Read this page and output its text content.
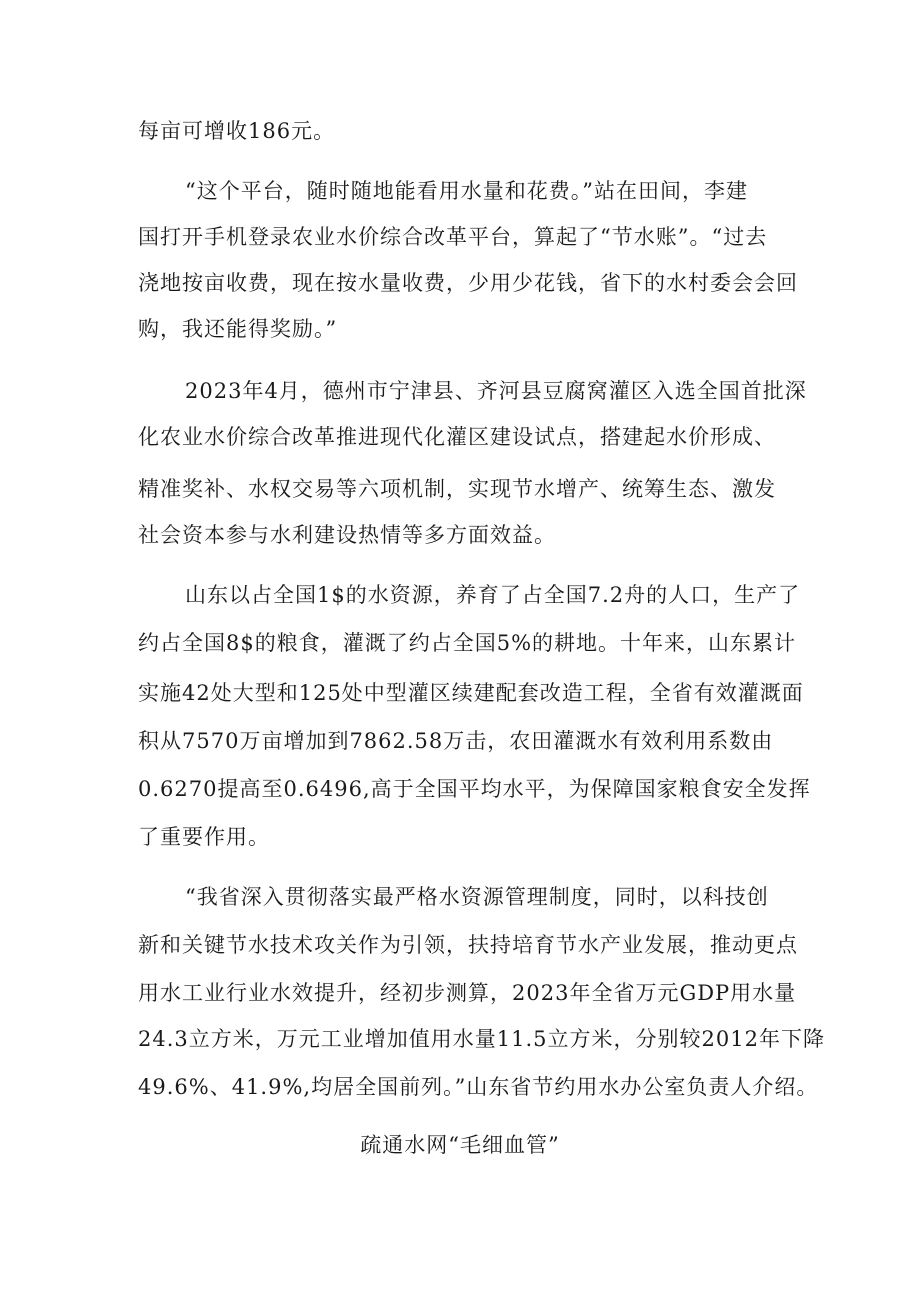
每亩可增收186元。
“这个平台，随时随地能看用水量和花费。”站在田间，李建
国打开手机登录农业水价综合改革平台，算起了“节水账”。“过去
浇地按亩收费，现在按水量收费，少用少花钱，省下的水村委会会回
购，我还能得奖励。”
2023年4月，德州市宁津县、齐河县豆腐窝灌区入选全国首批深
化农业水价综合改革推进现代化灌区建设试点，搭建起水价形成、
精准奖补、水权交易等六项机制，实现节水增产、统筹生态、激发
社会资本参与水利建设热情等多方面效益。
山东以占全国1$的水资源，养育了占全国7.2舟的人口，生产了
约占全国8$的粮食，灌溉了约占全国5%的耕地。十年来，山东累计
实施42处大型和125处中型灌区续建配套改造工程，全省有效灌溉面
积从7570万亩增加到7862.58万击，农田灌溉水有效利用系数由
0.6270提高至0.6496,高于全国平均水平，为保障国家粮食安全发挥
了重要作用。
“我省深入贯彻落实最严格水资源管理制度，同时，以科技创
新和关键节水技术攻关作为引领，扶持培育节水产业发展，推动更点
用水工业行业水效提升，经初步测算，2023年全省万元GDP用水量
24.3立方米，万元工业增加值用水量11.5立方米，分别较2012年下降
49.6%、41.9%,均居全国前列。”山东省节约用水办公室负责人介绍。
疏通水网“毛细血管”
